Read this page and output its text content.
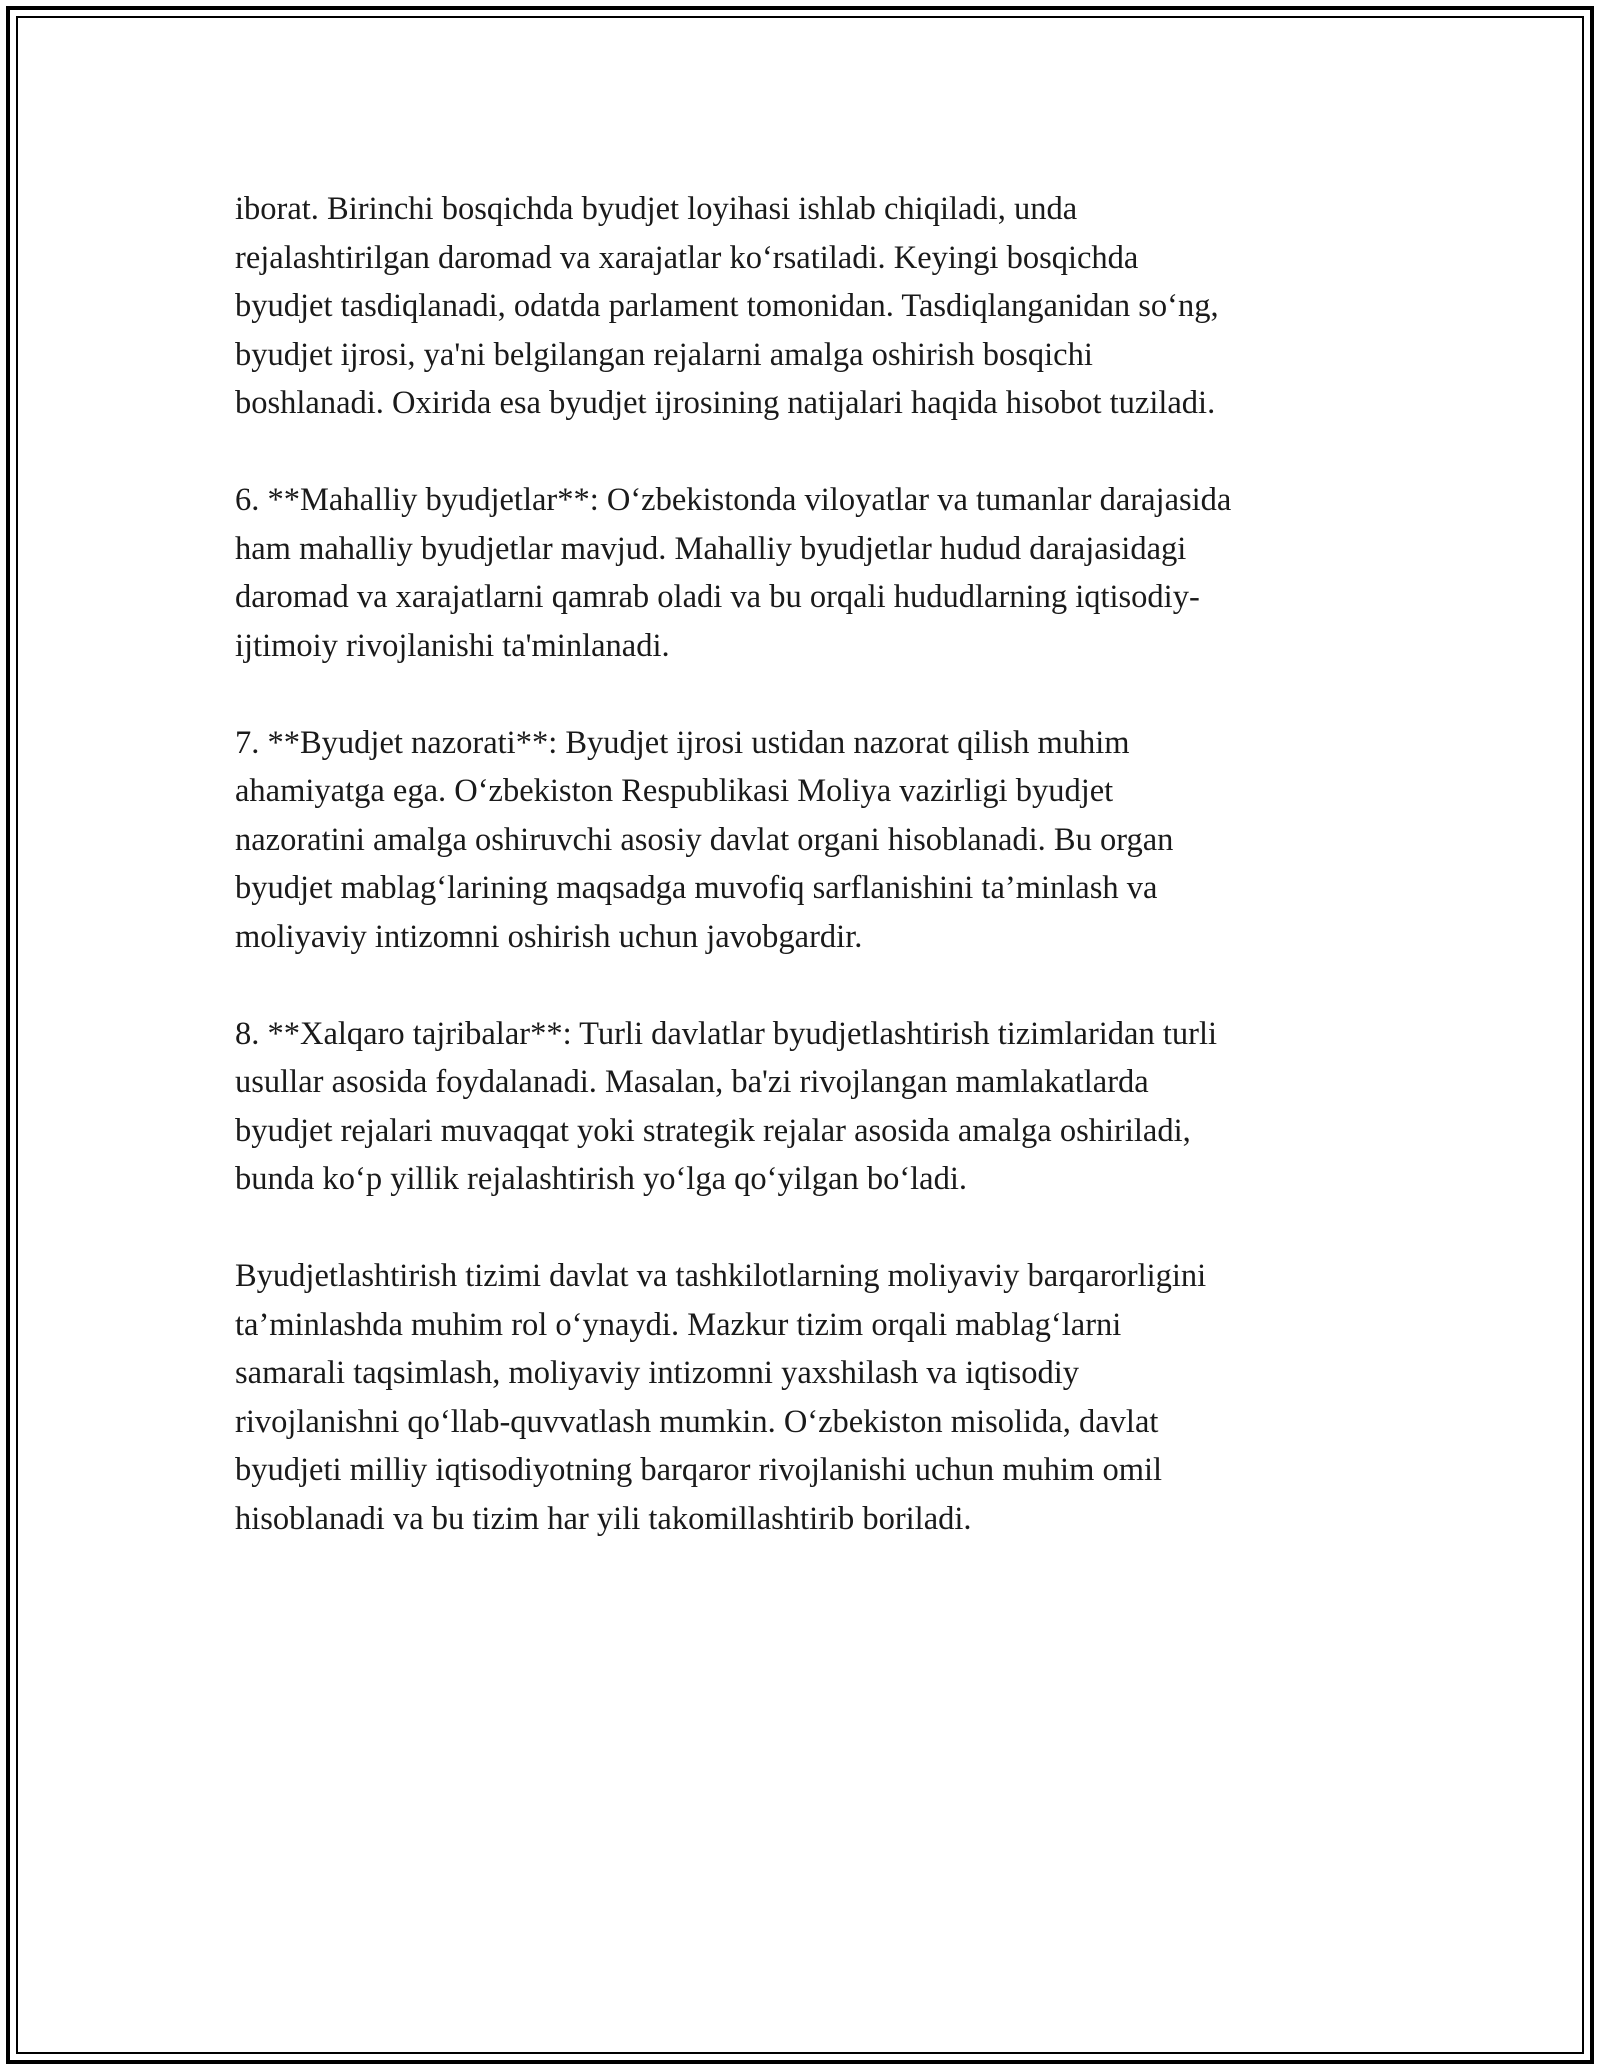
iborat. Birinchi bosqichda byudjet loyihasi ishlab chiqiladi, unda
rejalashtirilgan daromad va xarajatlar koʻrsatiladi. Keyingi bosqichda
byudjet tasdiqlanadi, odatda parlament tomonidan. Tasdiqlanganidan soʻng,
byudjet ijrosi, ya'ni belgilangan rejalarni amalga oshirish bosqichi
boshlanadi. Oxirida esa byudjet ijrosining natijalari haqida hisobot tuziladi.

6. **Mahalliy byudjetlar**: Oʻzbekistonda viloyatlar va tumanlar darajasida
ham mahalliy byudjetlar mavjud. Mahalliy byudjetlar hudud darajasidagi
daromad va xarajatlarni qamrab oladi va bu orqali hududlarning iqtisodiy-
ijtimoiy rivojlanishi ta'minlanadi.

7. **Byudjet nazorati**: Byudjet ijrosi ustidan nazorat qilish muhim
ahamiyatga ega. Oʻzbekiston Respublikasi Moliya vazirligi byudjet
nazoratini amalga oshiruvchi asosiy davlat organi hisoblanadi. Bu organ
byudjet mablagʻlarining maqsadga muvofiq sarflanishini ta’minlash va
moliyaviy intizomni oshirish uchun javobgardir.

8. **Xalqaro tajribalar**: Turli davlatlar byudjetlashtirish tizimlaridan turli
usullar asosida foydalanadi. Masalan, ba'zi rivojlangan mamlakatlarda
byudjet rejalari muvaqqat yoki strategik rejalar asosida amalga oshiriladi,
bunda koʻp yillik rejalashtirish yoʻlga qoʻyilgan boʻladi.

Byudjetlashtirish tizimi davlat va tashkilotlarning moliyaviy barqarorligini
ta’minlashda muhim rol oʻynaydi. Mazkur tizim orqali mablagʻlarni
samarali taqsimlash, moliyaviy intizomni yaxshilash va iqtisodiy
rivojlanishni qoʻllab-quvvatlash mumkin. Oʻzbekiston misolida, davlat
byudjeti milliy iqtisodiyotning barqaror rivojlanishi uchun muhim omil
hisoblanadi va bu tizim har yili takomillashtirib boriladi.
